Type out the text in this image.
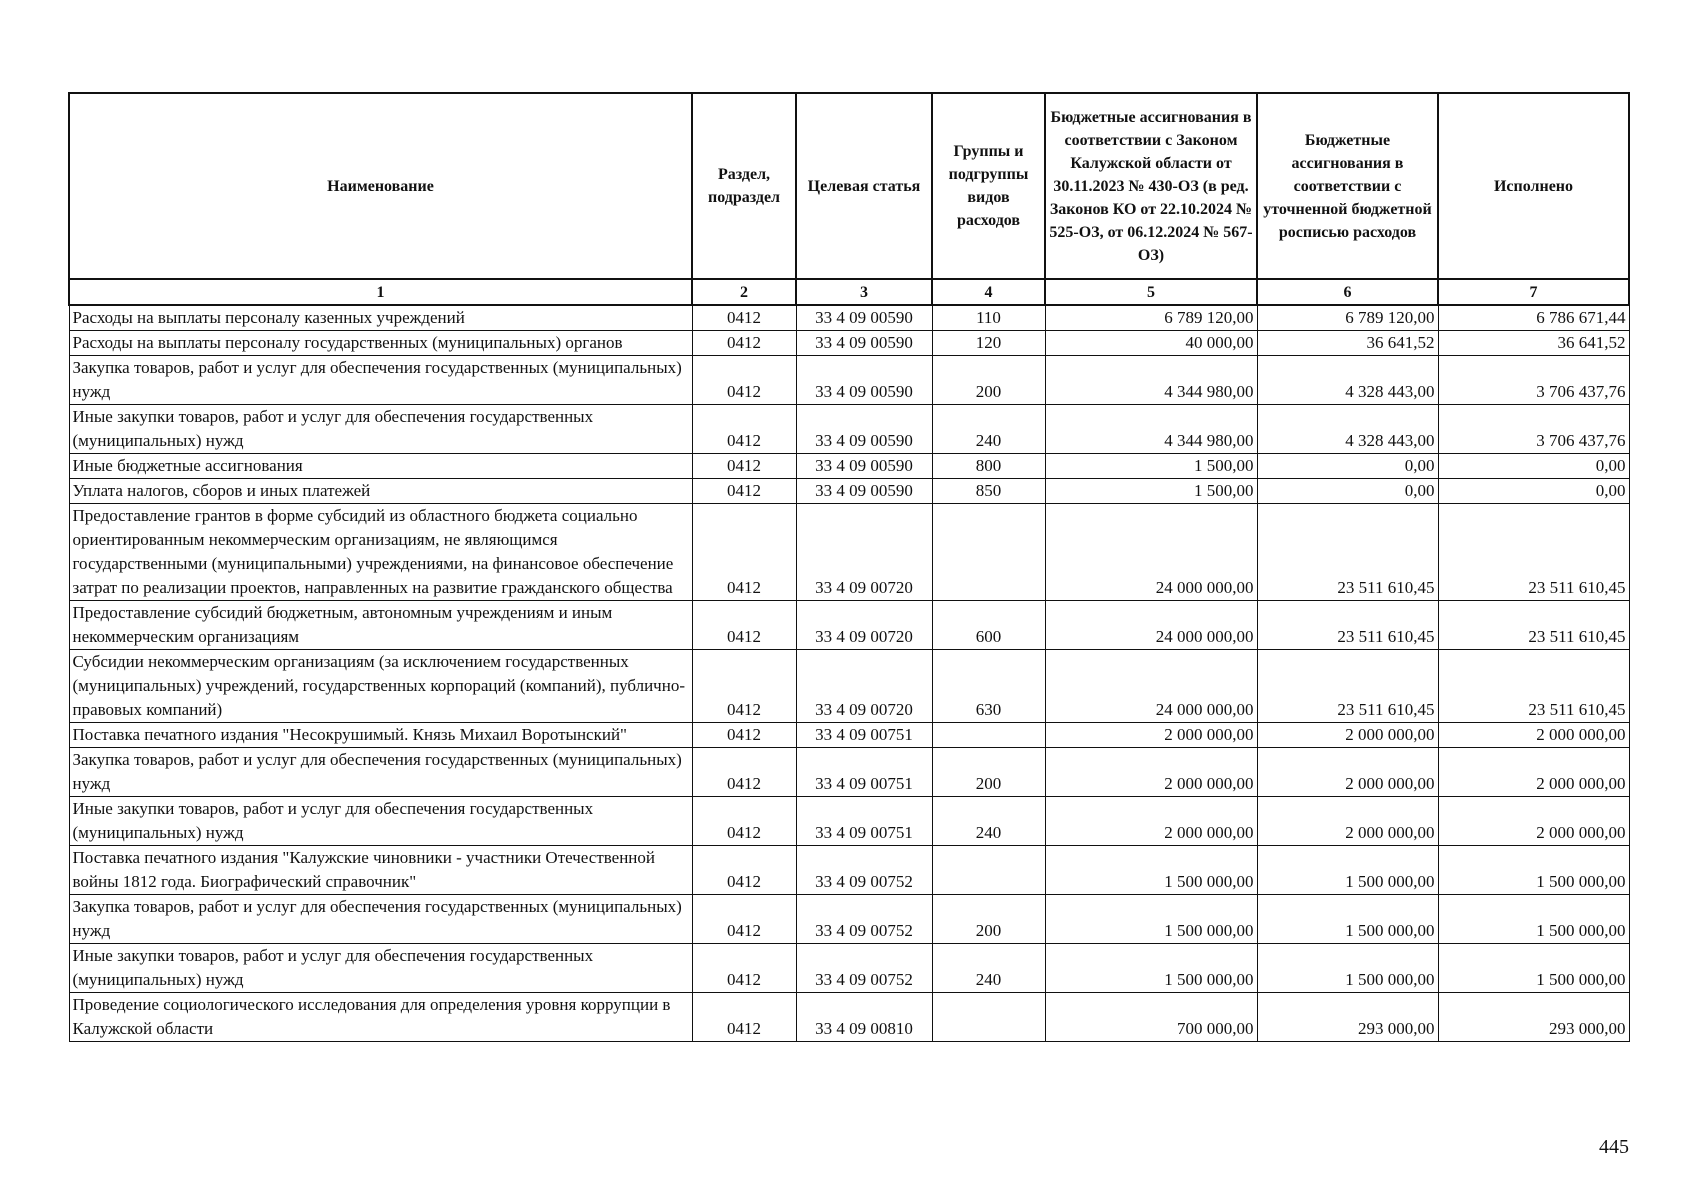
Наименование	Раздел, подраздел	Целевая статья	Группы и подгруппы видов расходов	Бюджетные ассигнования в соответствии с Законом Калужской области от 30.11.2023 № 430-ОЗ (в ред. Законов КО от 22.10.2024 № 525-ОЗ, от 06.12.2024 № 567-ОЗ)	Бюджетные ассигнования в соответствии с уточненной бюджетной росписью расходов	Исполнено
1	2	3	4	5	6	7
Расходы на выплаты персоналу казенных учреждений	0412	33 4 09 00590	110	6 789 120,00	6 789 120,00	6 786 671,44
Расходы на выплаты персоналу государственных (муниципальных) органов	0412	33 4 09 00590	120	40 000,00	36 641,52	36 641,52
Закупка товаров, работ и услуг для обеспечения государственных (муниципальных) нужд	0412	33 4 09 00590	200	4 344 980,00	4 328 443,00	3 706 437,76
Иные закупки товаров, работ и услуг для обеспечения государственных (муниципальных) нужд	0412	33 4 09 00590	240	4 344 980,00	4 328 443,00	3 706 437,76
Иные бюджетные ассигнования	0412	33 4 09 00590	800	1 500,00	0,00	0,00
Уплата налогов, сборов и иных платежей	0412	33 4 09 00590	850	1 500,00	0,00	0,00
Предоставление грантов в форме субсидий из областного бюджета социально ориентированным некоммерческим организациям, не являющимся государственными (муниципальными) учреждениями, на финансовое обеспечение затрат по реализации проектов, направленных на развитие гражданского общества	0412	33 4 09 00720		24 000 000,00	23 511 610,45	23 511 610,45
Предоставление субсидий бюджетным, автономным учреждениям и иным некоммерческим организациям	0412	33 4 09 00720	600	24 000 000,00	23 511 610,45	23 511 610,45
Субсидии некоммерческим организациям (за исключением государственных (муниципальных) учреждений, государственных корпораций (компаний), публично-правовых компаний)	0412	33 4 09 00720	630	24 000 000,00	23 511 610,45	23 511 610,45
Поставка печатного издания "Несокрушимый. Князь Михаил Воротынский"	0412	33 4 09 00751		2 000 000,00	2 000 000,00	2 000 000,00
Закупка товаров, работ и услуг для обеспечения государственных (муниципальных) нужд	0412	33 4 09 00751	200	2 000 000,00	2 000 000,00	2 000 000,00
Иные закупки товаров, работ и услуг для обеспечения государственных (муниципальных) нужд	0412	33 4 09 00751	240	2 000 000,00	2 000 000,00	2 000 000,00
Поставка печатного издания "Калужские чиновники - участники Отечественной войны 1812 года. Биографический справочник"	0412	33 4 09 00752		1 500 000,00	1 500 000,00	1 500 000,00
Закупка товаров, работ и услуг для обеспечения государственных (муниципальных) нужд	0412	33 4 09 00752	200	1 500 000,00	1 500 000,00	1 500 000,00
Иные закупки товаров, работ и услуг для обеспечения государственных (муниципальных) нужд	0412	33 4 09 00752	240	1 500 000,00	1 500 000,00	1 500 000,00
Проведение социологического исследования для определения уровня коррупции в Калужской области	0412	33 4 09 00810		700 000,00	293 000,00	293 000,00
445
